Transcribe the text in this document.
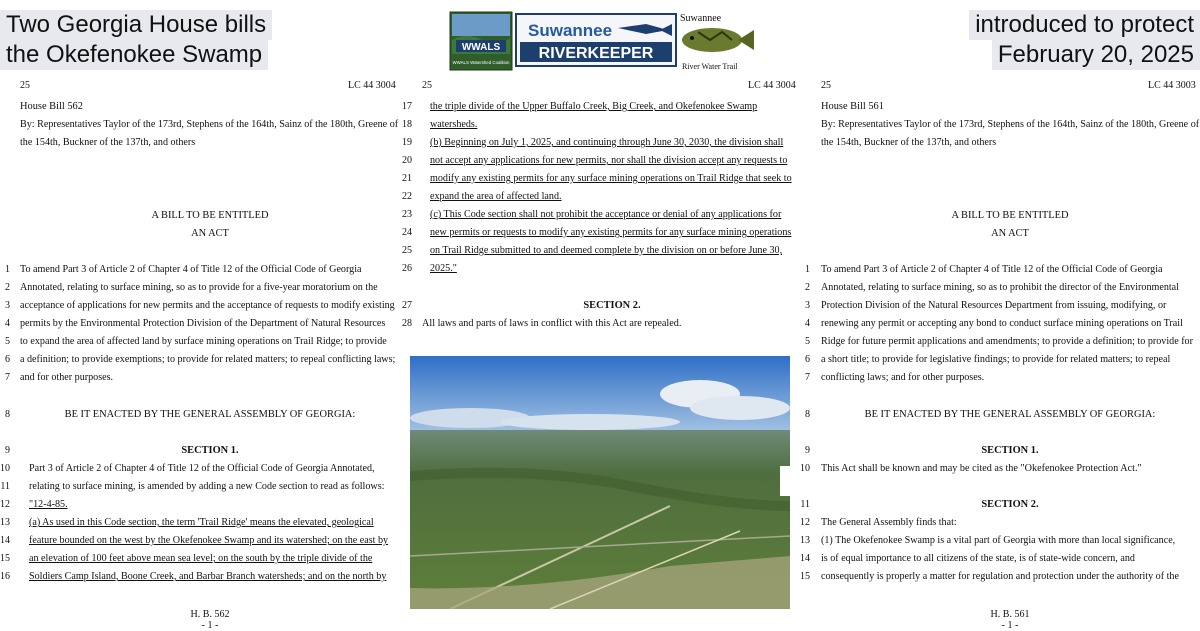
Two Georgia House bills
the Okefenokee Swamp
introduced to protect
February 20, 2025
WWALS
WWALS Watershed Coalition
Suwannee
RIVERKEEPER
Suwannee
River Water Trail
25	LC 44 3004
House Bill 562
By: Representatives Taylor of the 173rd, Stephens of the 164th, Sainz of the 180th, Greene of
the 154th, Buckner of the 137th, and others
A BILL TO BE ENTITLED
AN ACT
1 To amend Part 3 of Article 2 of Chapter 4 of Title 12 of the Official Code of Georgia
2 Annotated, relating to surface mining, so as to provide for a five-year moratorium on the
3 acceptance of applications for new permits and the acceptance of requests to modify existing
4 permits by the Environmental Protection Division of the Department of Natural Resources
5 to expand the area of affected land by surface mining operations on Trail Ridge; to provide
6 a definition; to provide exemptions; to provide for related matters; to repeal conflicting laws;
7 and for other purposes.
8	BE IT ENACTED BY THE GENERAL ASSEMBLY OF GEORGIA:
9	SECTION 1.
10 Part 3 of Article 2 of Chapter 4 of Title 12 of the Official Code of Georgia Annotated,
11 relating to surface mining, is amended by adding a new Code section to read as follows:
12 "12-4-85.
13 (a) As used in this Code section, the term 'Trail Ridge' means the elevated, geological
14 feature bounded on the west by the Okefenokee Swamp and its watershed; on the east by
15 an elevation of 100 feet above mean sea level; on the south by the triple divide of the
16 Soldiers Camp Island, Boone Creek, and Barbar Branch watersheds; and on the north by
H. B. 562
- 1 -
25	LC 44 3004
17 the triple divide of the Upper Buffalo Creek, Big Creek, and Okefenokee Swamp
18 watersheds.
19 (b) Beginning on July 1, 2025, and continuing through June 30, 2030, the division shall
20 not accept any applications for new permits, nor shall the division accept any requests to
21 modify any existing permits for any surface mining operations on Trail Ridge that seek to
22 expand the area of affected land.
23 (c) This Code section shall not prohibit the acceptance or denial of any applications for
24 new permits or requests to modify any existing permits for any surface mining operations
25 on Trail Ridge submitted to and deemed complete by the division on or before June 30,
26 2025."
27	SECTION 2.
28 All laws and parts of laws in conflict with this Act are repealed.
25	LC 44 3003
House Bill 561
By: Representatives Taylor of the 173rd, Stephens of the 164th, Sainz of the 180th, Greene of
the 154th, Buckner of the 137th, and others
A BILL TO BE ENTITLED
AN ACT
1 To amend Part 3 of Article 2 of Chapter 4 of Title 12 of the Official Code of Georgia
2 Annotated, relating to surface mining, so as to prohibit the director of the Environmental
3 Protection Division of the Natural Resources Department from issuing, modifying, or
4 renewing any permit or accepting any bond to conduct surface mining operations on Trail
5 Ridge for future permit applications and amendments; to provide a definition; to provide for
6 a short title; to provide for legislative findings; to provide for related matters; to repeal
7 conflicting laws; and for other purposes.
8	BE IT ENACTED BY THE GENERAL ASSEMBLY OF GEORGIA:
9	SECTION 1.
10 This Act shall be known and may be cited as the "Okefenokee Protection Act."
11	SECTION 2.
12 The General Assembly finds that:
13 (1) The Okefenokee Swamp is a vital part of Georgia with more than local significance,
14 is of equal importance to all citizens of the state, is of state-wide concern, and
15 consequently is properly a matter for regulation and protection under the authority of the
H. B. 561
- 1 -
